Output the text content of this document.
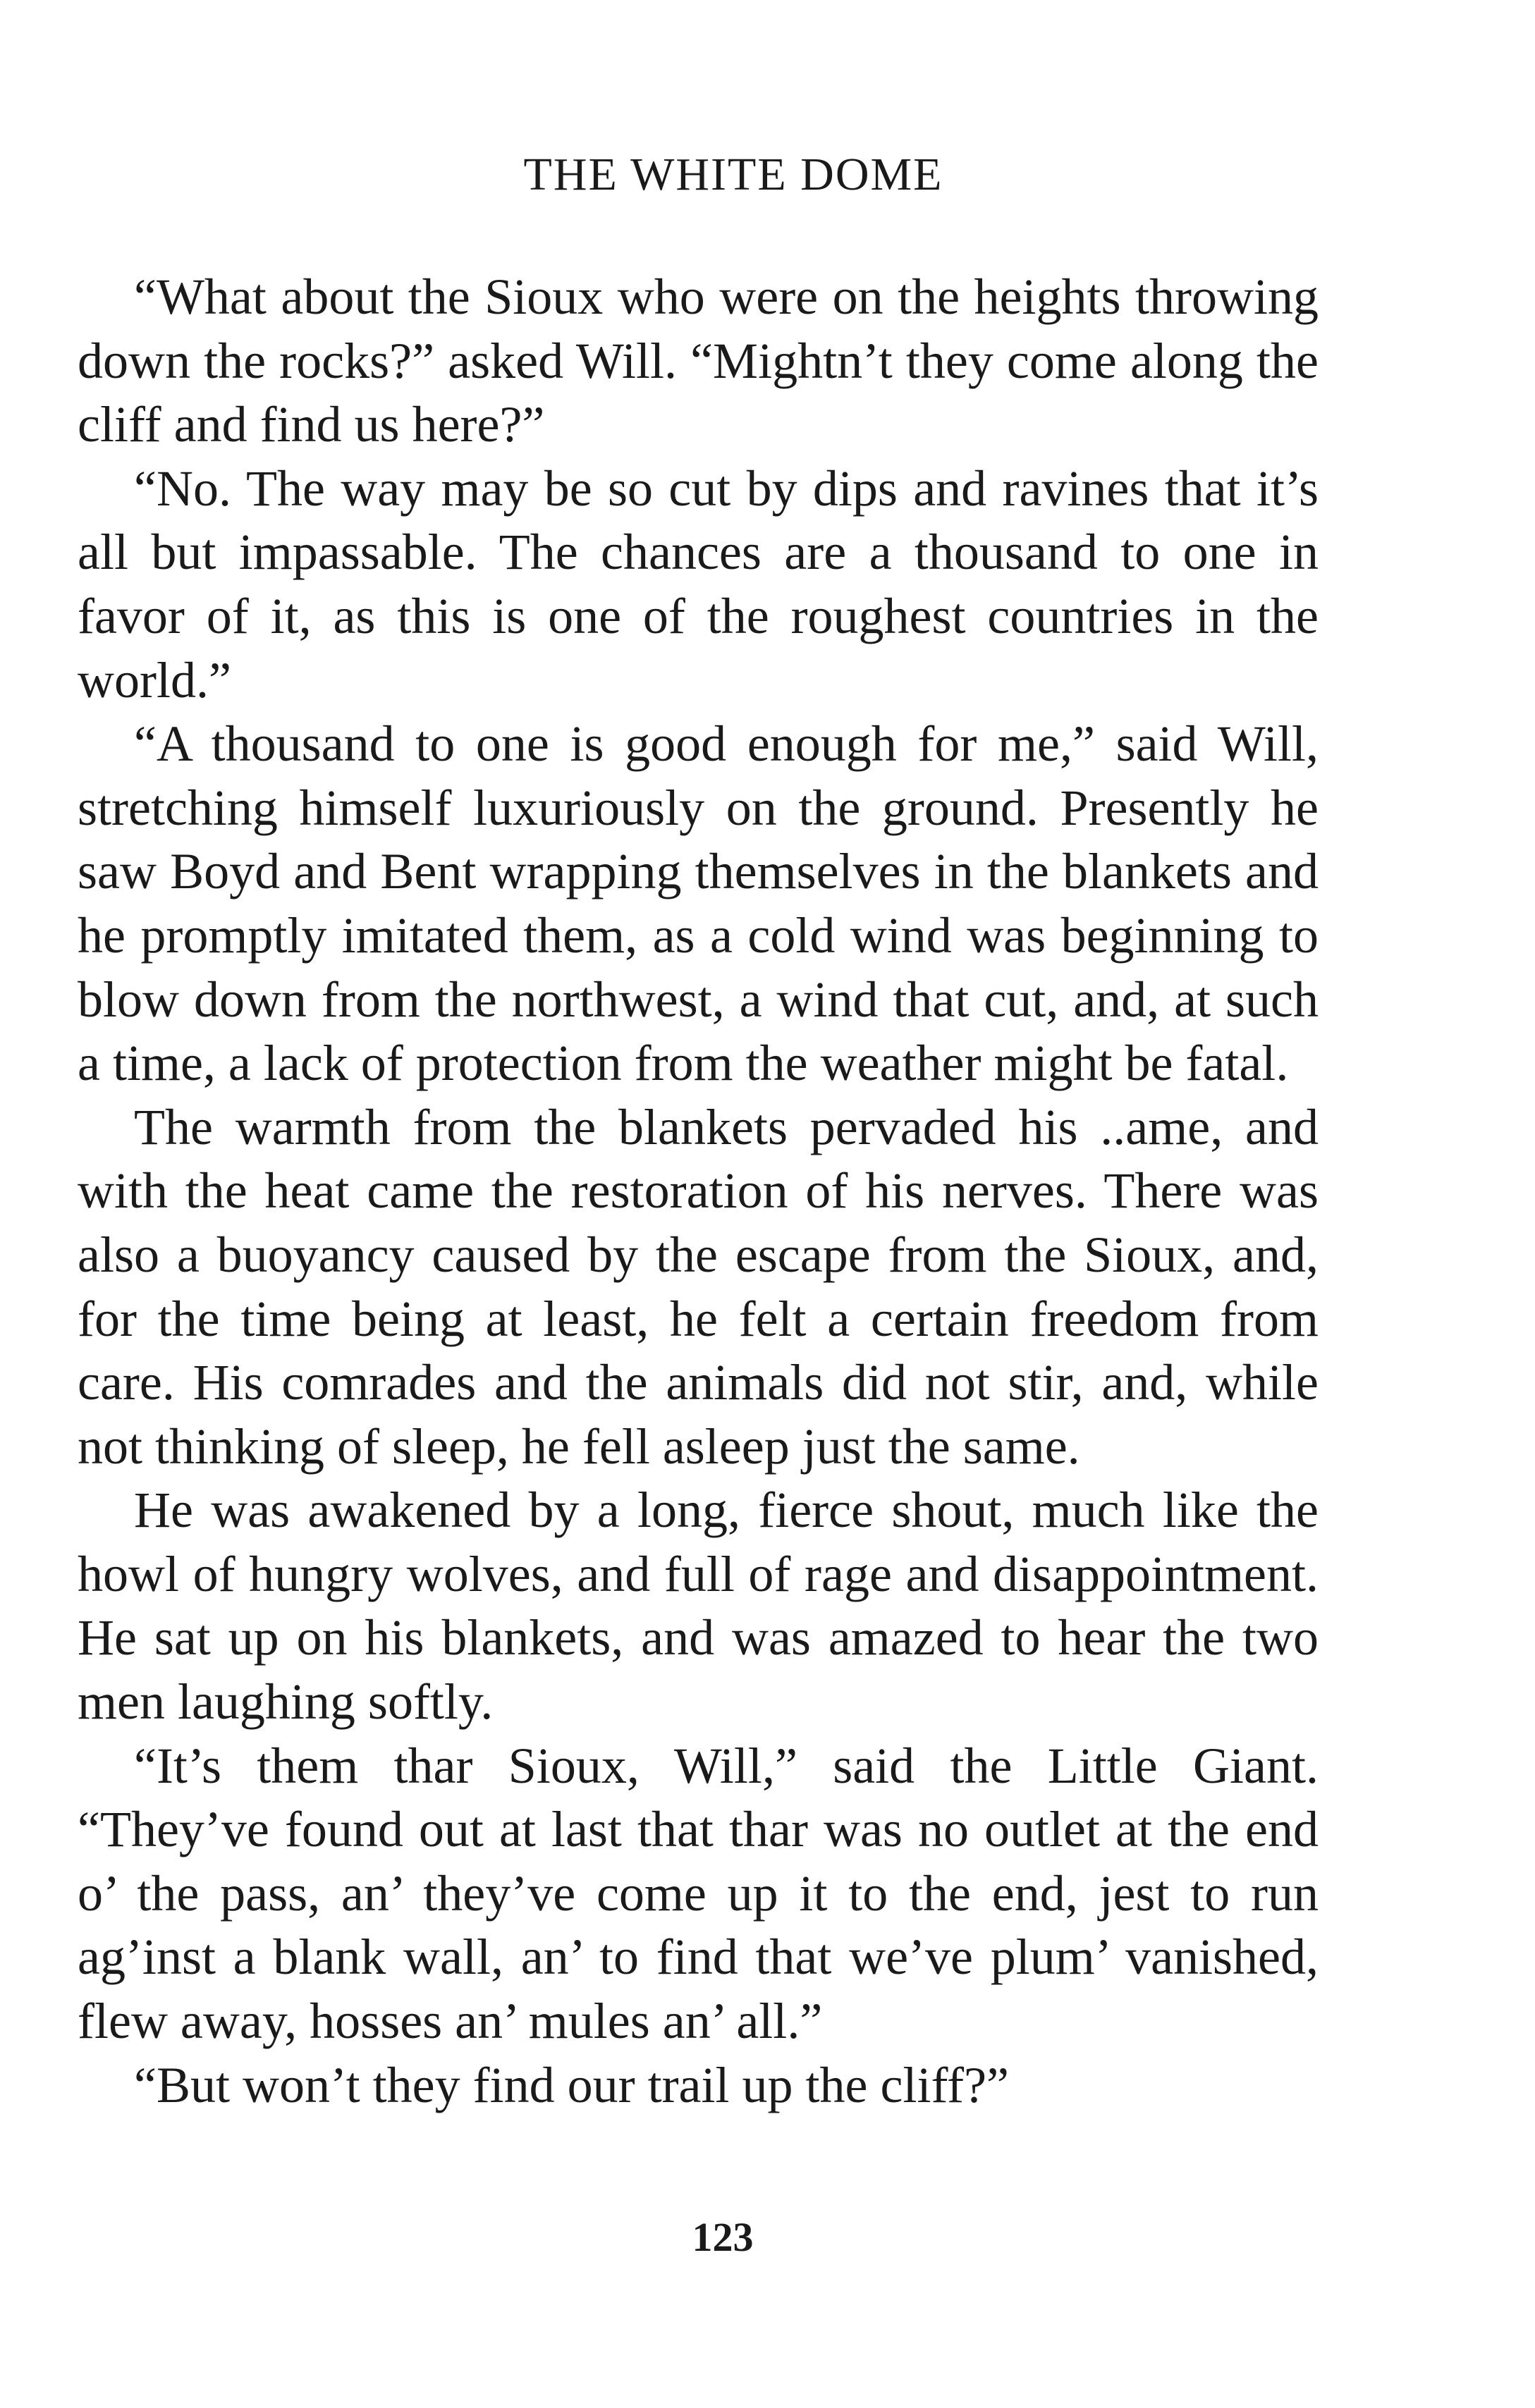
THE WHITE DOME

“What about the Sioux who were on the heights throwing down the rocks?” asked Will. “Mightn’t they come along the cliff and find us here?”

“No. The way may be so cut by dips and ravines that it’s all but impassable. The chances are a thousand to one in favor of it, as this is one of the roughest countries in the world.”

“A thousand to one is good enough for me,” said Will, stretching himself luxuriously on the ground. Presently he saw Boyd and Bent wrapping themselves in the blankets and he promptly imitated them, as a cold wind was beginning to blow down from the northwest, a wind that cut, and, at such a time, a lack of protection from the weather might be fatal.

The warmth from the blankets pervaded his ..ame, and with the heat came the restoration of his nerves. There was also a buoyancy caused by the escape from the Sioux, and, for the time being at least, he felt a certain freedom from care. His comrades and the animals did not stir, and, while not thinking of sleep, he fell asleep just the same.

He was awakened by a long, fierce shout, much like the howl of hungry wolves, and full of rage and disappointment. He sat up on his blankets, and was amazed to hear the two men laughing softly.

“It’s them thar Sioux, Will,” said the Little Giant. “They’ve found out at last that thar was no outlet at the end o’ the pass, an’ they’ve come up it to the end, jest to run ag’inst a blank wall, an’ to find that we’ve plum’ vanished, flew away, hosses an’ mules an’ all.”

“But won’t they find our trail up the cliff?”

123
